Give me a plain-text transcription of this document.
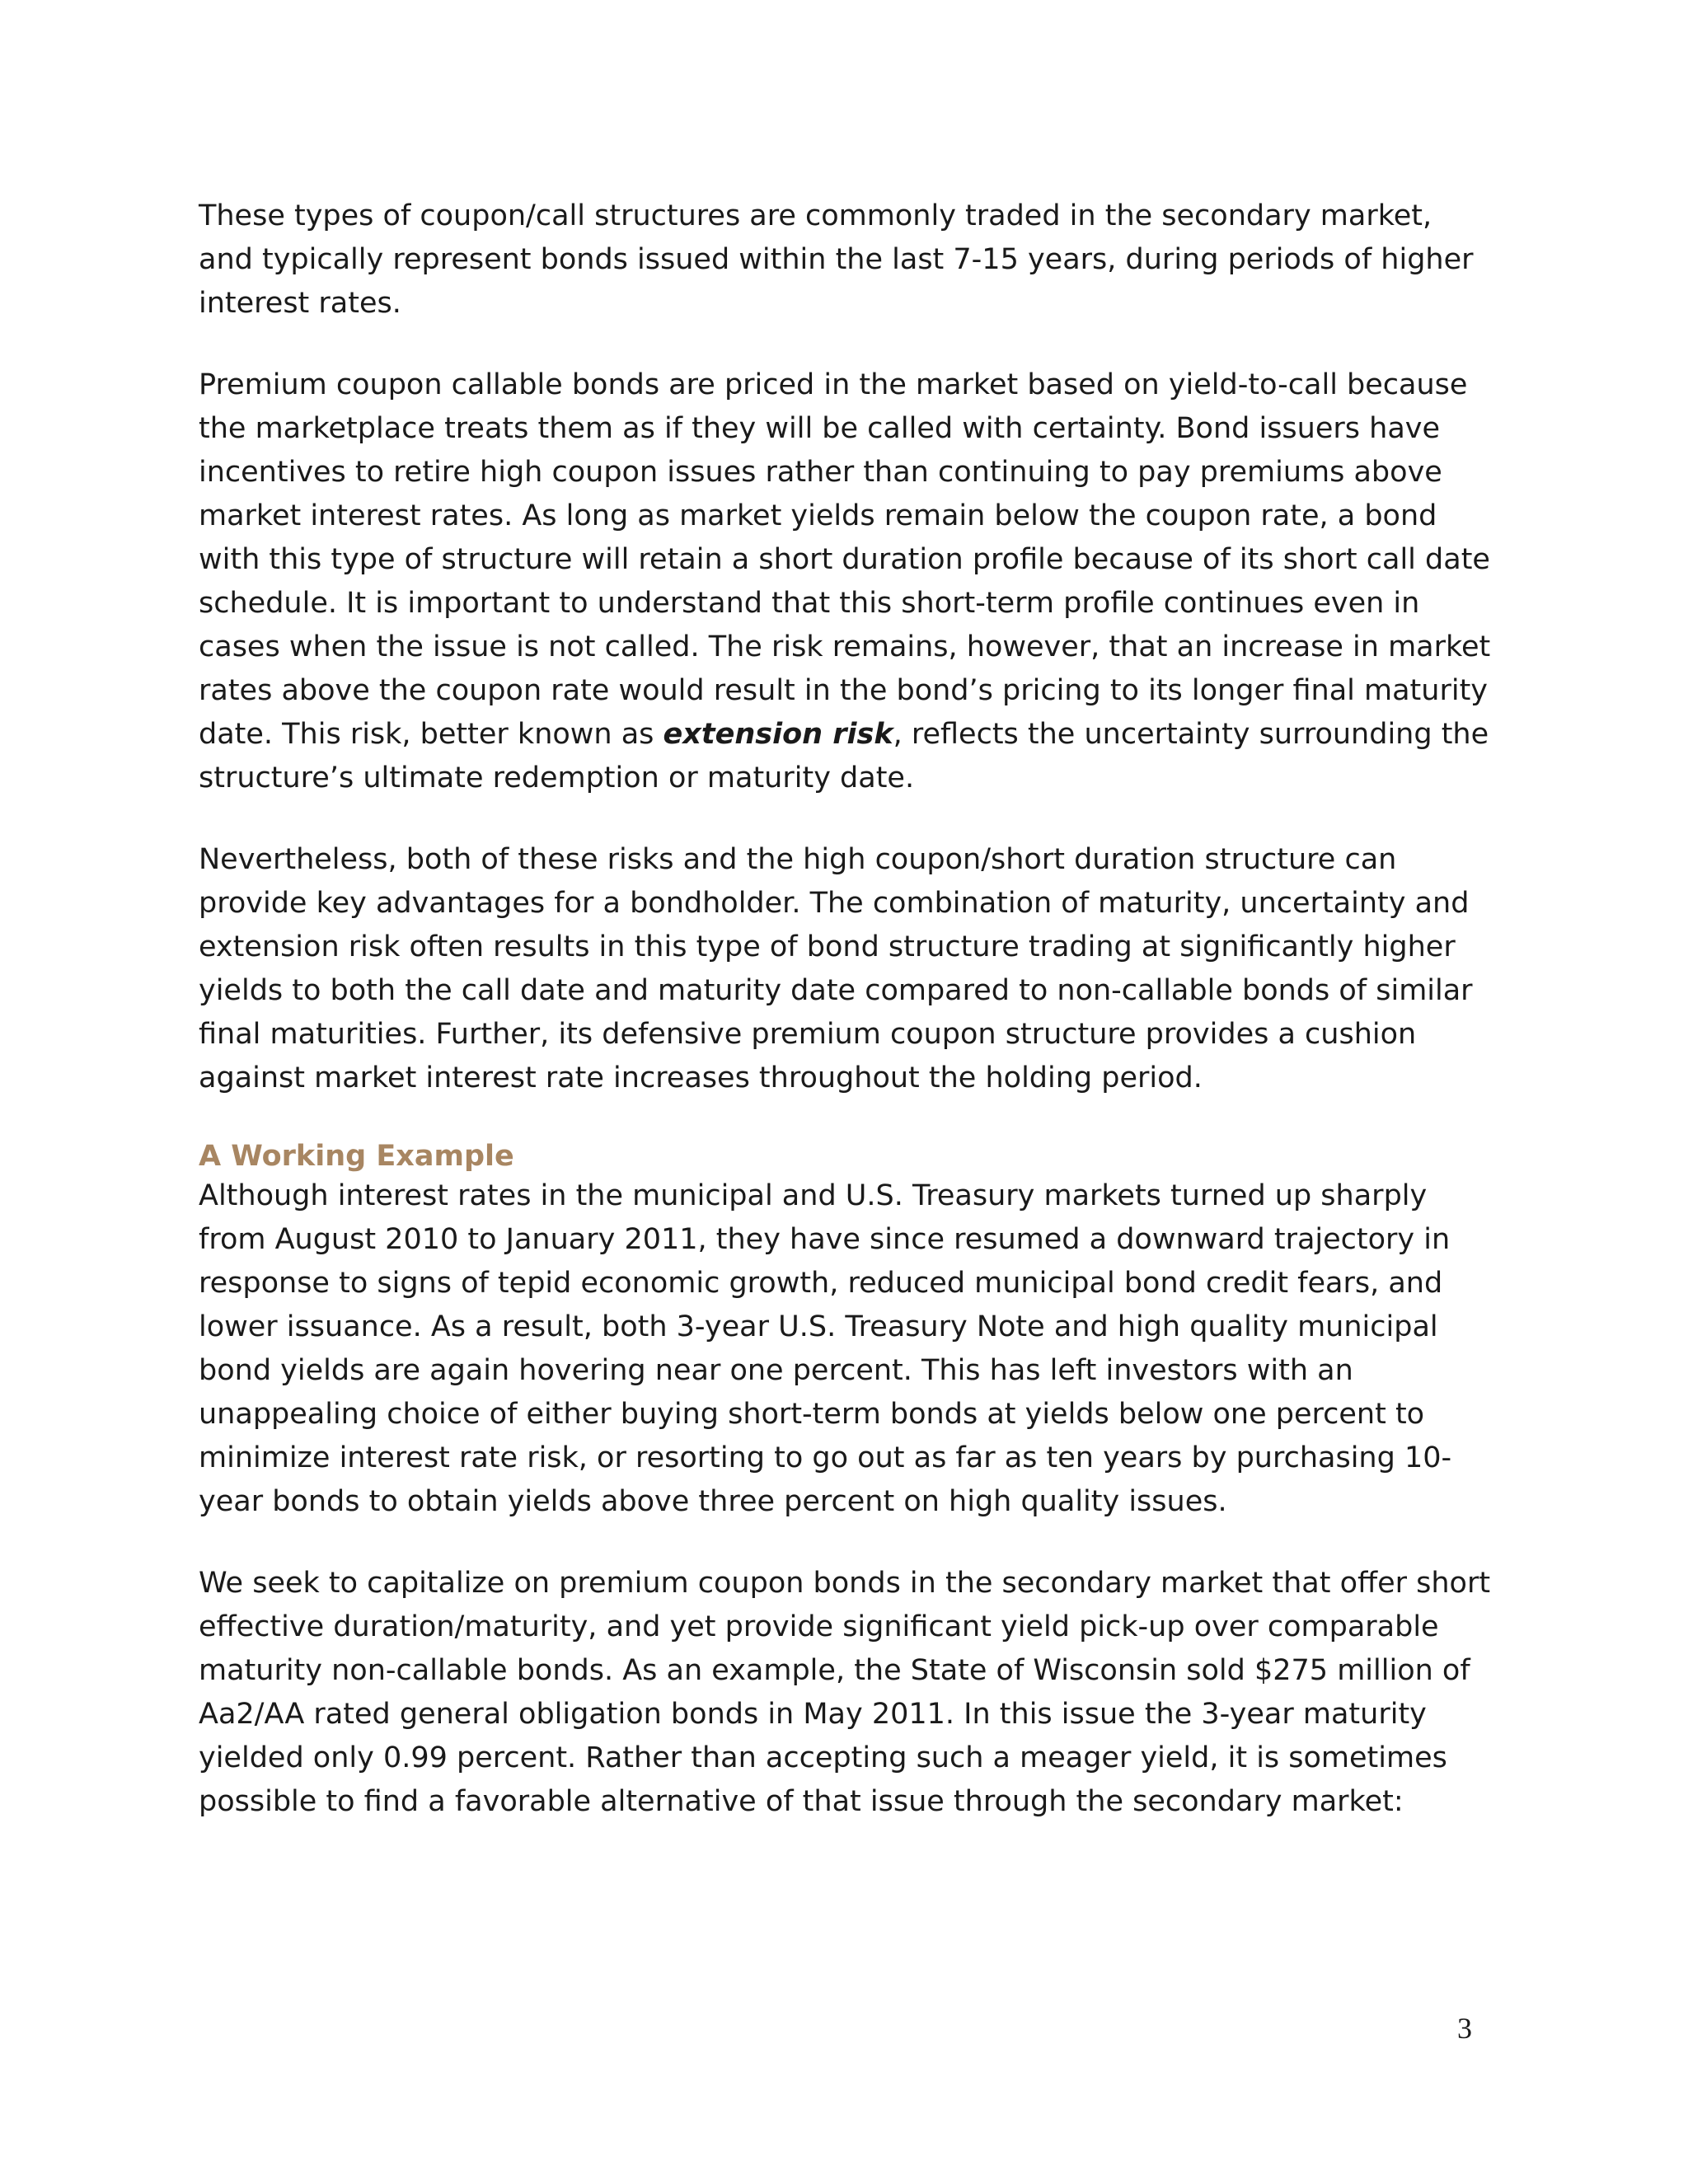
These types of coupon/call structures are commonly traded in the secondary market, and typically represent bonds issued within the last 7-15 years, during periods of higher interest rates.

Premium coupon callable bonds are priced in the market based on yield-to-call because the marketplace treats them as if they will be called with certainty. Bond issuers have incentives to retire high coupon issues rather than continuing to pay premiums above market interest rates. As long as market yields remain below the coupon rate, a bond with this type of structure will retain a short duration profile because of its short call date schedule. It is important to understand that this short-term profile continues even in cases when the issue is not called. The risk remains, however, that an increase in market rates above the coupon rate would result in the bond’s pricing to its longer final maturity date. This risk, better known as extension risk, reflects the uncertainty surrounding the structure’s ultimate redemption or maturity date.

Nevertheless, both of these risks and the high coupon/short duration structure can provide key advantages for a bondholder. The combination of maturity, uncertainty and extension risk often results in this type of bond structure trading at significantly higher yields to both the call date and maturity date compared to non-callable bonds of similar final maturities. Further, its defensive premium coupon structure provides a cushion against market interest rate increases throughout the holding period.

A Working Example

Although interest rates in the municipal and U.S. Treasury markets turned up sharply from August 2010 to January 2011, they have since resumed a downward trajectory in response to signs of tepid economic growth, reduced municipal bond credit fears, and lower issuance. As a result, both 3-year U.S. Treasury Note and high quality municipal bond yields are again hovering near one percent. This has left investors with an unappealing choice of either buying short-term bonds at yields below one percent to minimize interest rate risk, or resorting to go out as far as ten years by purchasing 10-year bonds to obtain yields above three percent on high quality issues.

We seek to capitalize on premium coupon bonds in the secondary market that offer short effective duration/maturity, and yet provide significant yield pick-up over comparable maturity non-callable bonds. As an example, the State of Wisconsin sold $275 million of Aa2/AA rated general obligation bonds in May 2011. In this issue the 3-year maturity yielded only 0.99 percent. Rather than accepting such a meager yield, it is sometimes possible to find a favorable alternative of that issue through the secondary market:

3
